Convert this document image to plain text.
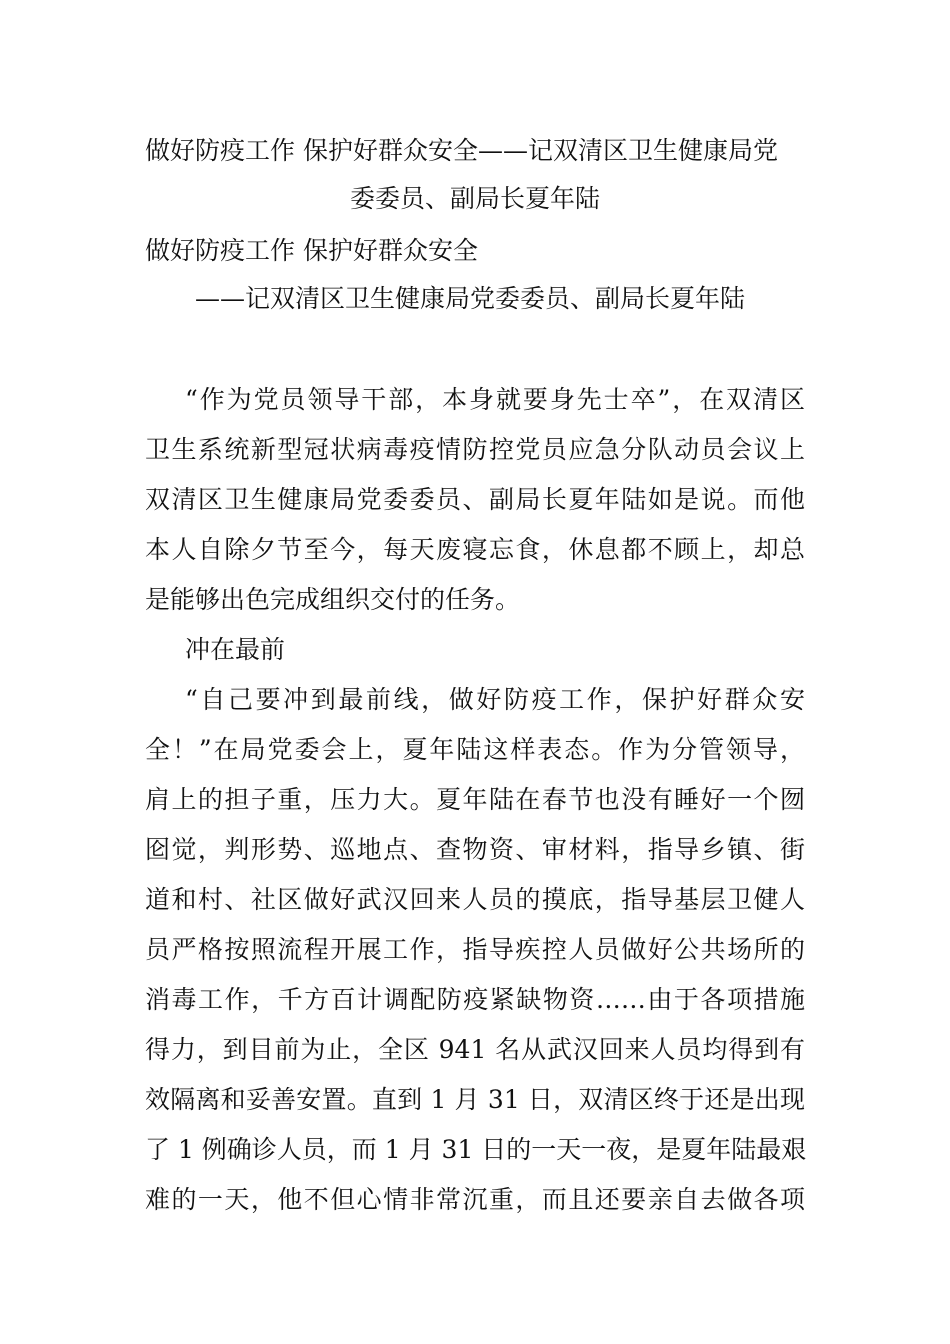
做好防疫工作 保护好群众安全——记双清区卫生健康局党
委委员、副局长夏年陆
做好防疫工作 保护好群众安全
——记双清区卫生健康局党委委员、副局长夏年陆
“作为党员领导干部，本身就要身先士卒”，在双清区
卫生系统新型冠状病毒疫情防控党员应急分队动员会议上
双清区卫生健康局党委委员、副局长夏年陆如是说。而他
本人自除夕节至今，每天废寝忘食，休息都不顾上，却总
是能够出色完成组织交付的任务。
冲在最前
“自己要冲到最前线，做好防疫工作，保护好群众安
全！”在局党委会上，夏年陆这样表态。作为分管领导，
肩上的担子重，压力大。夏年陆在春节也没有睡好一个囫
囵觉，判形势、巡地点、查物资、审材料，指导乡镇、街
道和村、社区做好武汉回来人员的摸底，指导基层卫健人
员严格按照流程开展工作，指导疾控人员做好公共场所的
消毒工作，千方百计调配防疫紧缺物资……由于各项措施
得力，到目前为止，全区 941 名从武汉回来人员均得到有
效隔离和妥善安置。直到 1 月 31 日，双清区终于还是出现
了 1 例确诊人员，而 1 月 31 日的一天一夜，是夏年陆最艰
难的一天，他不但心情非常沉重，而且还要亲自去做各项
